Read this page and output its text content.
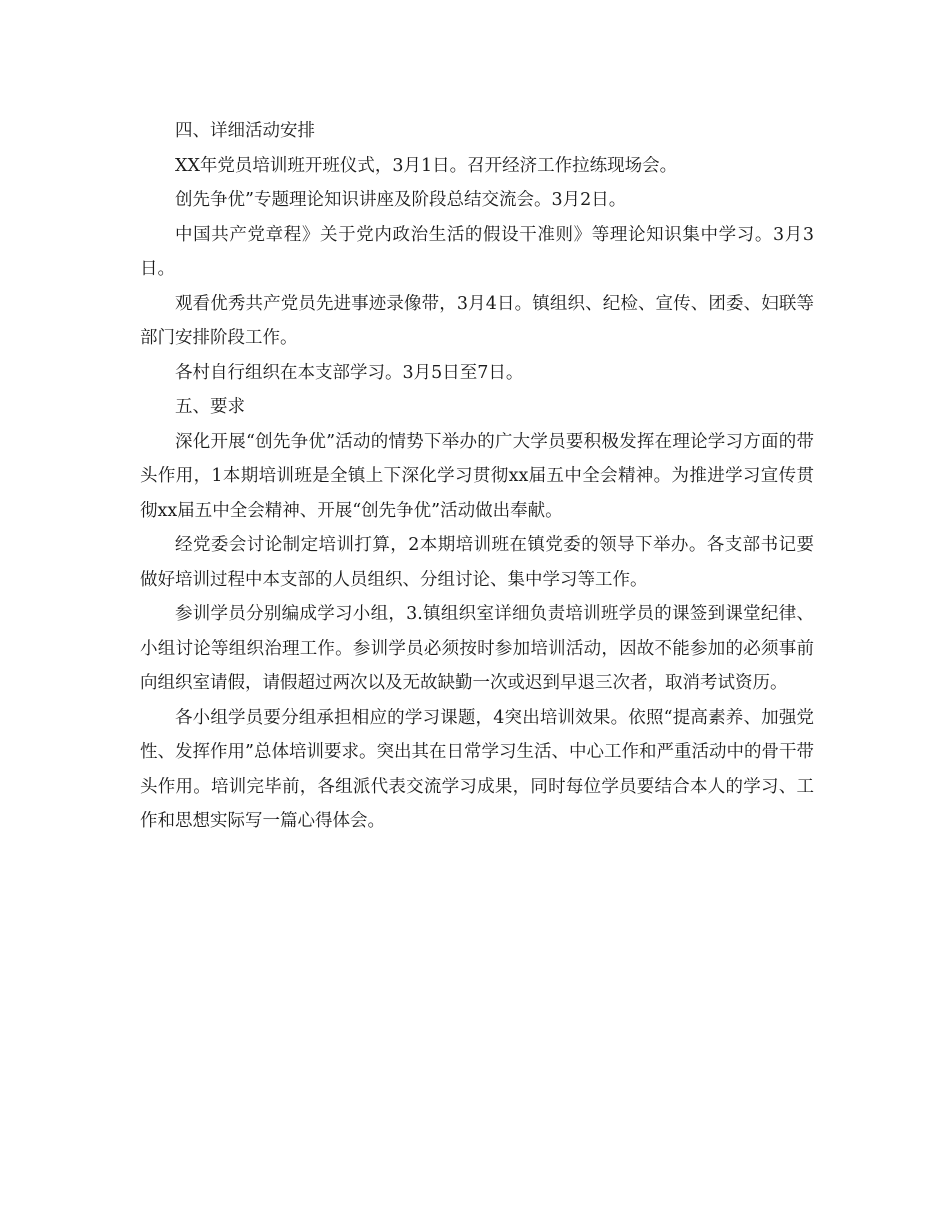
四、详细活动安排

XX年党员培训班开班仪式，3月1日。召开经济工作拉练现场会。

创先争优”专题理论知识讲座及阶段总结交流会。3月2日。

中国共产党章程》关于党内政治生活的假设干准则》等理论知识集中学习。3月3日。

观看优秀共产党员先进事迹录像带，3月4日。镇组织、纪检、宣传、团委、妇联等部门安排阶段工作。

各村自行组织在本支部学习。3月5日至7日。

五、要求

深化开展“创先争优”活动的情势下举办的广大学员要积极发挥在理论学习方面的带头作用，1本期培训班是全镇上下深化学习贯彻xx届五中全会精神。为推进学习宣传贯彻xx届五中全会精神、开展“创先争优”活动做出奉献。

经党委会讨论制定培训打算，2本期培训班在镇党委的领导下举办。各支部书记要做好培训过程中本支部的人员组织、分组讨论、集中学习等工作。

参训学员分别编成学习小组，3.镇组织室详细负责培训班学员的课签到课堂纪律、小组讨论等组织治理工作。参训学员必须按时参加培训活动，因故不能参加的必须事前向组织室请假，请假超过两次以及无故缺勤一次或迟到早退三次者，取消考试资历。

各小组学员要分组承担相应的学习课题，4突出培训效果。依照“提高素养、加强党性、发挥作用”总体培训要求。突出其在日常学习生活、中心工作和严重活动中的骨干带头作用。培训完毕前，各组派代表交流学习成果，同时每位学员要结合本人的学习、工作和思想实际写一篇心得体会。
